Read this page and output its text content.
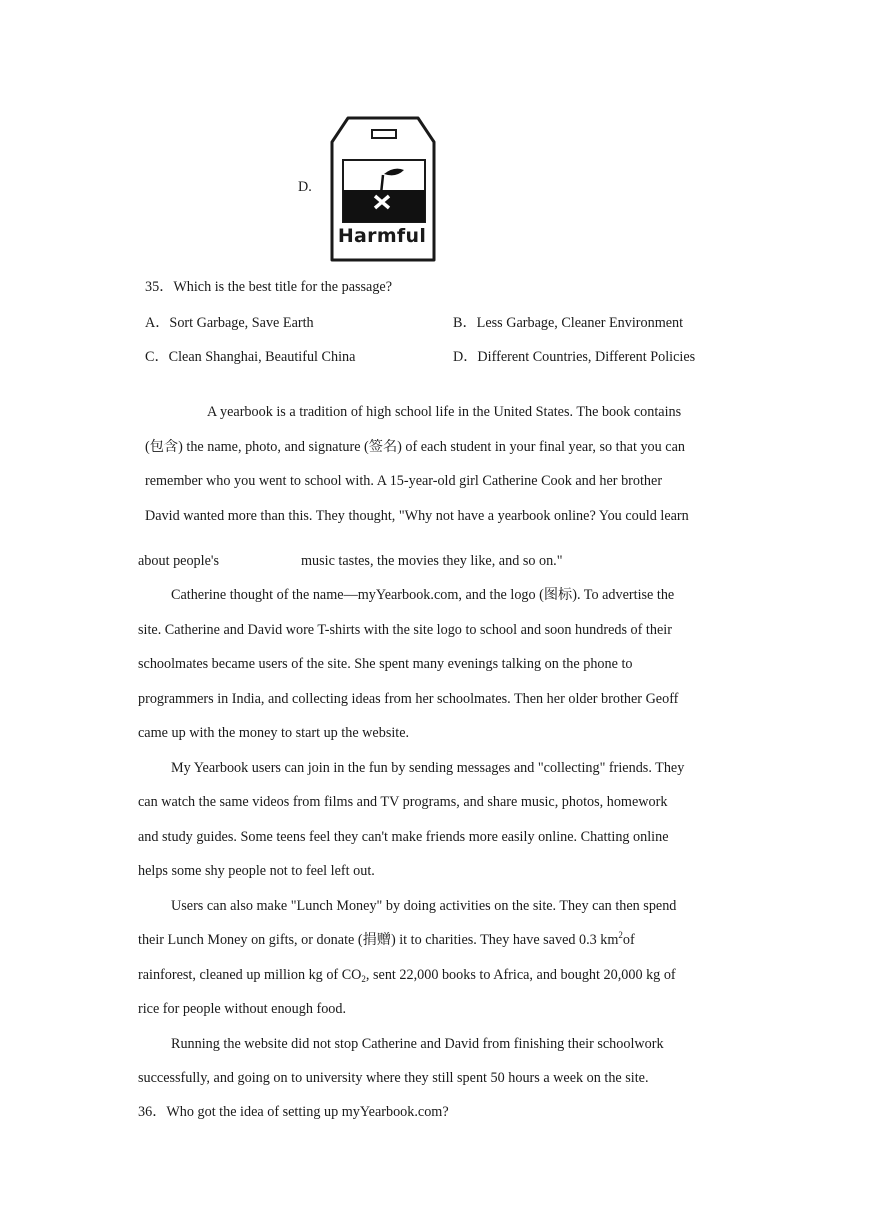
D.
Harmful
35．Which is the best title for the passage?
A．Sort Garbage, Save Earth	B．Less Garbage, Cleaner Environment
C．Clean Shanghai, Beautiful China	D．Different Countries, Different Policies
A yearbook is a tradition of high school life in the United States. The book contains
(包含) the name, photo, and signature (签名) of each student in your final year, so that you can
remember who you went to school with. A 15-year-old girl Catherine Cook and her brother
David wanted more than this. They thought, "Why not have a yearbook online? You could learn
about people's	music tastes, the movies they like, and so on."
Catherine thought of the name—myYearbook.com, and the logo (图标). To advertise the
site. Catherine and David wore T-shirts with the site logo to school and soon hundreds of their
schoolmates became users of the site. She spent many evenings talking on the phone to
programmers in India, and collecting ideas from her schoolmates. Then her older brother Geoff
came up with the money to start up the website.
My Yearbook users can join in the fun by sending messages and "collecting" friends. They
can watch the same videos from films and TV programs, and share music, photos, homework
and study guides. Some teens feel they can't make friends more easily online. Chatting online
helps some shy people not to feel left out.
Users can also make "Lunch Money" by doing activities on the site. They can then spend
their Lunch Money on gifts, or donate (捐赠) it to charities. They have saved 0.3 $km^2of$
rainforest, cleaned up million kg of $CO_2$, sent 22,000 books to Africa, and bought 20,000 kg of
rice for people without enough food.
Running the website did not stop Catherine and David from finishing their schoolwork
successfully, and going on to university where they still spent 50 hours a week on the site.
36．Who got the idea of setting up myYearbook.com?
